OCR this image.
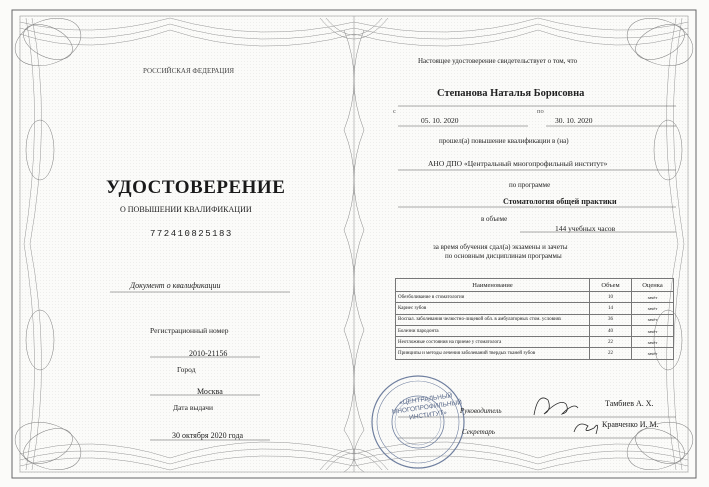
«ЦЕНТРАЛЬНЫЙ МНОГОПРОФИЛЬНЫЙ ИНСТИТУТ»
РОССИЙСКАЯ ФЕДЕРАЦИЯ
УДОСТОВЕРЕНИЕ
О ПОВЫШЕНИИ КВАЛИФИКАЦИИ
772410825183
Документ о квалификации
Регистрационный номер
2010-21156
Город
Москва
Дата выдачи
30 октября 2020 года
Настоящее удостоверение свидетельствует о том, что
Степанова Наталья Борисовна
с	по
05. 10. 2020	30. 10. 2020
прошел(а) повышение квалификации в (на)
АНО ДПО «Центральный многопрофильный институт»
по программе
Стоматология общей практики
в объеме
144 учебных часов
за время обучения сдал(а) экзамены и зачеты
по основным дисциплинам программы
Наименование	Объем	Оценка
Обезболивание в стоматологии	10	зачёт
Кариес зубов	14	зачёт
Воспал. заболевания челюстно-лицевой обл. в амбулаторных стом. условиях	36	зачёт
Болезни пародонта	40	зачёт
Неотложные состояния на приеме у стоматолога	22	зачёт
Принципы и методы лечения заболеваний твердых тканей зубов	22	зачёт
Руководитель
Тамбиев А. Х.
Секретарь
Кравченко И. М.
